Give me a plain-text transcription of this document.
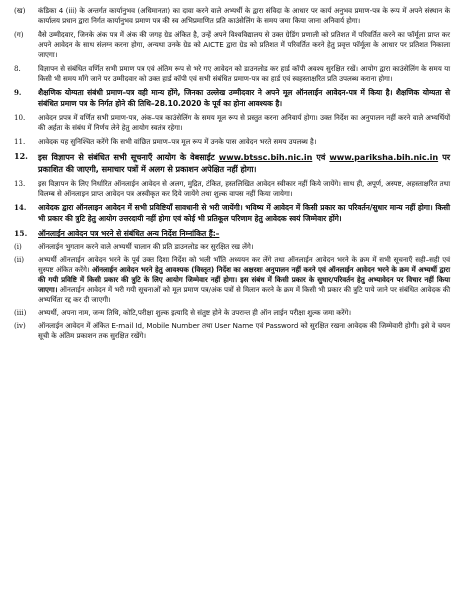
(ख)	कंडिका 4 (iii) के अन्तर्गत कार्यानुभव (अधिमानता) का दावा करने वाले अभ्यर्थी के द्वारा संविदा के आधार पर कार्य अनुभव प्रमाण-पत्र के रूप में अपने संस्थान के कार्यालय प्रधान द्वारा निर्गत कार्यानुभव प्रमाण पत्र की स्व अभिप्रमाणित प्रति काउंसेलिंग के समय जमा किया जाना अनिवार्य होगा।
(ग)	वैसे उम्मीदवार, जिनके अंक पत्र में अंक की जगह ग्रेड अंकित है, उन्हें अपने विश्वविद्यालय से उक्त ग्रेडिंग प्रणाली को प्रतिशत में परिवर्तित करने का फॉर्मूला प्राप्त कर अपने आवेदन के साथ संलग्न करना होगा, अन्यथा उनके ग्रेड को AICTE द्वारा ग्रेड को प्रतिशत में परिवर्तित करने हेतु प्रवृत्त फॉर्मूला के आधार पर प्रतिशत निकाला जाएगा।
8.	विज्ञापन से संबंधित वर्णित सभी प्रमाण पत्र एवं अंतिम रूप से भरे गए आवेदन को डाउनलोड कर हार्ड कॉपी अवश्य सुरक्षित रखें। आयोग द्वारा काउंसेलिंग के समय या किसी भी समय माँगे जाने पर उम्मीदवार को उक्त हार्ड कॉपी एवं सभी संबंधित प्रमाण-पत्र का हार्ड एवं स्वहस्ताक्षरित प्रति उपलब्ध कराना होगा।
9.	शैक्षणिक योग्यता संबंधी प्रमाण–पत्र वही मान्य होंगे, जिनका उल्लेख उम्मीदवार ने अपने मूल ऑनलाईन आवेदन-पत्र में किया है। शैक्षणिक योग्यता से संबंधित प्रमाण पत्र के निर्गत होने की तिथि–28.10.2020 के पूर्व का होना आवश्यक है।
10.	आवेदन प्रपत्र में वर्णित सभी प्रमाण-पत्र, अंक–पत्र काउंसेलिंग के समय मूल रूप से प्रस्तुत करना अनिवार्य होगा। उक्त निर्देश का अनुपालन नहीं करने वाले अभ्यर्थियों की अर्हता के संबंध में निर्णय लेने हेतु आयोग स्वतंत्र रहेगा।
11.	आवेदक यह सुनिश्चित करेंगे कि सभी वांछित प्रमाण–पत्र मूल रूप में उनके पास आवेदन भरते समय उपलब्ध है।
12.	इस विज्ञापन से संबंधित सभी सूचनाएँ आयोग के वेबसाईट www.btssc.bih.nic.in एवं www.pariksha.bih.nic.in पर प्रकाशित की जाएगी, समाचार पत्रों में अलग से प्रकाशन अपेक्षित नहीं होगा।
13.	इस विज्ञापन के लिए निर्धारित ऑनलाईन आवेदन से अलग, मुद्रित, टंकित, हस्तलिखित आवेदन स्वीकार नहीं किये जायेंगे। साथ ही, अपूर्ण, अस्पष्ट, अहस्ताक्षरित तथा विलम्ब से ऑनलाइन प्राप्त आवेदन पत्र अस्वीकृत कर दिये जायेंगे तथा शुल्क वापस नहीं किया जायेगा।
14.	आवेदक द्वारा ऑनलाइन आवेदन में सभी प्रविष्टियाँ सावधानी से भरी जायेंगी। भविष्य में आवेदन में किसी प्रकार का परिवर्तन/सुधार मान्य नहीं होगा। किसी भी प्रकार की त्रुटि हेतु आयोग उत्तरदायी नहीं होगा एवं कोई भी प्रतिकूल परिणाम हेतु आवेदक स्वयं जिम्मेवार होंगे।
15.	ऑनलाईन आवेदन पत्र भरने से संबंधित अन्य निर्देश निम्नांकित हैं:–
(i)	ऑनलाईन भुगतान करने वाले अभ्यर्थी चालान की प्रति डाउनलोड कर सुरक्षित रख लेंगे।
(ii)	अभ्यर्थी ऑनलाईन आवेदन भरने के पूर्व उक्त दिशा निर्देश को भली भाँति अध्ययन कर लेंगे तथा ऑनलाईन आवेदन भरने के क्रम में सभी सूचनाएँ सही–सही एवं सुस्पष्ट अंकित करेंगे। ऑनलाईन आवेदन भरने हेतु आवश्यक (विस्तृत) निर्देश का अक्षरशः अनुपालन नहीं करने एवं ऑनलाईन आवेदन भरने के क्रम में अभ्यर्थी द्वारा की गयी प्रविष्टि में किसी प्रकार की त्रुटि के लिए आयोग जिम्मेवार नहीं होगा। इस संबंध में किसी प्रकार के सुधार/परिवर्तन हेतु अभ्यावेदन पर विचार नहीं किया जाएगा। ऑनलाईन आवेदन में भरी गयी सूचनाओं को मूल प्रमाण पत्र/अंक पत्रों से मिलान करने के क्रम में किसी भी प्रकार की त्रुटि पाये जाने पर संबंधित आवेदक की अभ्यर्थिता रद्द कर दी जाएगी।
(iii)	अभ्यर्थी, अपना नाम, जन्म तिथि, कोटि,परीक्षा शुल्क इत्यादि से संतुष्ट होने के उपरान्त ही ऑन लाईन परीक्षा शुल्क जमा करेंगे।
(iv)	ऑनलाईन आवेदन में अंकित E-mail Id, Mobile Number तथा User Name एवं Password को सुरक्षित रखना आवेदक की जिम्मेवारी होगी। इसे वे चयन सूची के अंतिम प्रकाशन तक सुरक्षित रखेंगे।
